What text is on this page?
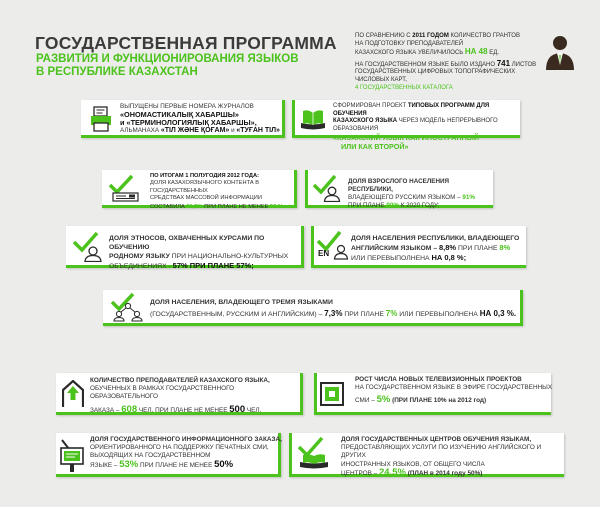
ГОСУДАРСТВЕННАЯ ПРОГРАММА
РАЗВИТИЯ И ФУНКЦИОНИРОВАНИЯ ЯЗЫКОВ
В РЕСПУБЛИКЕ КАЗАХСТАН
ПО СРАВНЕНИЮ С 2011 ГОДОМ КОЛИЧЕСТВО ГРАНТОВ
НА ПОДГОТОВКУ ПРЕПОДАВАТЕЛЕЙ
КАЗАХСКОГО ЯЗЫКА УВЕЛИЧИЛОСЬ НА 48 ЕД.
НА ГОСУДАРСТВЕННОМ ЯЗЫКЕ БЫЛО ИЗДАНО 741 ЛИСТОВ
ГОСУДАРСТВЕННЫХ ЦИФРОВЫХ ТОПОГРАФИЧЕСКИХ ЧИСЛОВЫХ КАРТ,
4 ГОСУДАРСТВЕННЫХ КАТАЛОГА
ВЫПУЩЕНЫ ПЕРВЫЕ НОМЕРА ЖУРНАЛОВ
«ОНОМАСТИКАЛЫҚ ХАБАРШЫ»
и «ТЕРМИНОЛОГИЯЛЫҚ ХАБАРШЫ»,
АЛЬМАНАХА «ТІЛ ЖӘНЕ ҚОҒАМ» и «ТУҒАН ТІЛ»
СФОРМИРОВАН ПРОЕКТ ТИПОВЫХ ПРОГРАММ ДЛЯ ОБУЧЕНИЯ
КАЗАХСКОГО ЯЗЫКА ЧЕРЕЗ МОДЕЛЬ НЕПРЕРЫВНОГО ОБРАЗОВАНИЯ
«КАЗАХСКИЙ ЯЗЫК КАК ИНОСТРАННЫЙ
ИЛИ КАК ВТОРОЙ»
ПО ИТОГАМ 1 ПОЛУГОДИЯ 2012 ГОДА:
ДОЛЯ КАЗАХОЯЗЫЧНОГО КОНТЕНТА В ГОСУДАРСТВЕННЫХ
СРЕДСТВАХ МАССОВОЙ ИНФОРМАЦИИ
СОСТАВИЛА 51,5% ПРИ ПЛАНЕ НЕ МЕНЕЕ 50 %
ДОЛЯ ВЗРОСЛОГО НАСЕЛЕНИЯ РЕСПУБЛИКИ,
ВЛАДЕЮЩЕГО РУССКИМ ЯЗЫКОМ – 91%
ПРИ ПЛАНЕ 90% К 2020 ГОДУ;
ДОЛЯ ЭТНОСОВ, ОХВАЧЕННЫХ КУРСАМИ ПО ОБУЧЕНИЮ
РОДНОМУ ЯЗЫКУ ПРИ НАЦИОНАЛЬНО-КУЛЬТУРНЫХ
ОБЪЕДИНЕНИЯХ - 57% ПРИ ПЛАНЕ 57%;
EN
ДОЛЯ НАСЕЛЕНИЯ РЕСПУБЛИКИ, ВЛАДЕЮЩЕГО
АНГЛИЙСКИМ ЯЗЫКОМ – 8,8% ПРИ ПЛАНЕ 8%
ИЛИ ПЕРЕВЫПОЛНЕНА НА 0,8 %;
ДОЛЯ НАСЕЛЕНИЯ, ВЛАДЕЮЩЕГО ТРЕМЯ ЯЗЫКАМИ
(ГОСУДАРСТВЕННЫМ, РУССКИМ И АНГЛИЙСКИМ) – 7,3% ПРИ ПЛАНЕ 7% ИЛИ ПЕРЕВЫПОЛНЕНА НА 0,3 %.
КОЛИЧЕСТВО ПРЕПОДАВАТЕЛЕЙ КАЗАХСКОГО ЯЗЫКА,
ОБУЧЕННЫХ В РАМКАХ ГОСУДАРСТВЕННОГО ОБРАЗОВАТЕЛЬНОГО
ЗАКАЗА – 608 ЧЕЛ. ПРИ ПЛАНЕ НЕ МЕНЕЕ 500 ЧЕЛ.
РОСТ ЧИСЛА НОВЫХ ТЕЛЕВИЗИОННЫХ ПРОЕКТОВ
НА ГОСУДАРСТВЕННОМ ЯЗЫКЕ В ЭФИРЕ ГОСУДАРСТВЕННЫХ
СМИ – 5% (ПРИ ПЛАНЕ 10% на 2012 год)
ДОЛЯ ГОСУДАРСТВЕННОГО ИНФОРМАЦИОННОГО ЗАКАЗА,
ОРИЕНТИРОВАННОГО НА ПОДДЕРЖКУ ПЕЧАТНЫХ СМИ,
ВЫХОДЯЩИХ НА ГОСУДАРСТВЕННОМ
ЯЗЫКЕ – 53% ПРИ ПЛАНЕ НЕ МЕНЕЕ 50%
ДОЛЯ ГОСУДАРСТВЕННЫХ ЦЕНТРОВ ОБУЧЕНИЯ ЯЗЫКАМ,
ПРЕДОСТАВЛЯЮЩИХ УСЛУГИ ПО ИЗУЧЕНИЮ АНГЛИЙСКОГО И ДРУГИХ
ИНОСТРАННЫХ ЯЗЫКОВ, ОТ ОБЩЕГО ЧИСЛА
ЦЕНТРОВ – 24,5% (ПЛАН в 2014 году 50%)
